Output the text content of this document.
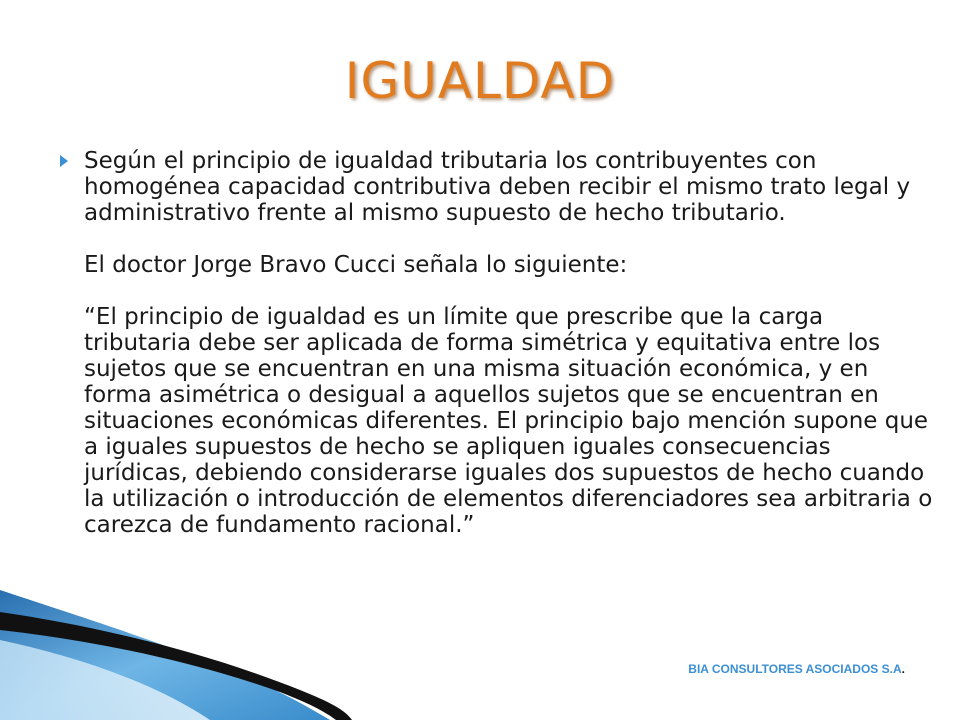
IGUALDAD

Según el principio de igualdad tributaria los contribuyentes con homogénea capacidad contributiva deben recibir el mismo trato legal y administrativo frente al mismo supuesto de hecho tributario.

El doctor Jorge Bravo Cucci señala lo siguiente:

“El principio de igualdad es un límite que prescribe que la carga tributaria debe ser aplicada de forma simétrica y equitativa entre los sujetos que se encuentran en una misma situación económica, y en forma asimétrica o desigual a aquellos sujetos que se encuentran en situaciones económicas diferentes. El principio bajo mención supone que a iguales supuestos de hecho se apliquen iguales consecuencias jurídicas, debiendo considerarse iguales dos supuestos de hecho cuando la utilización o introducción de elementos diferenciadores sea arbitraria o carezca de fundamento racional.”

BIA CONSULTORES ASOCIADOS S.A.
